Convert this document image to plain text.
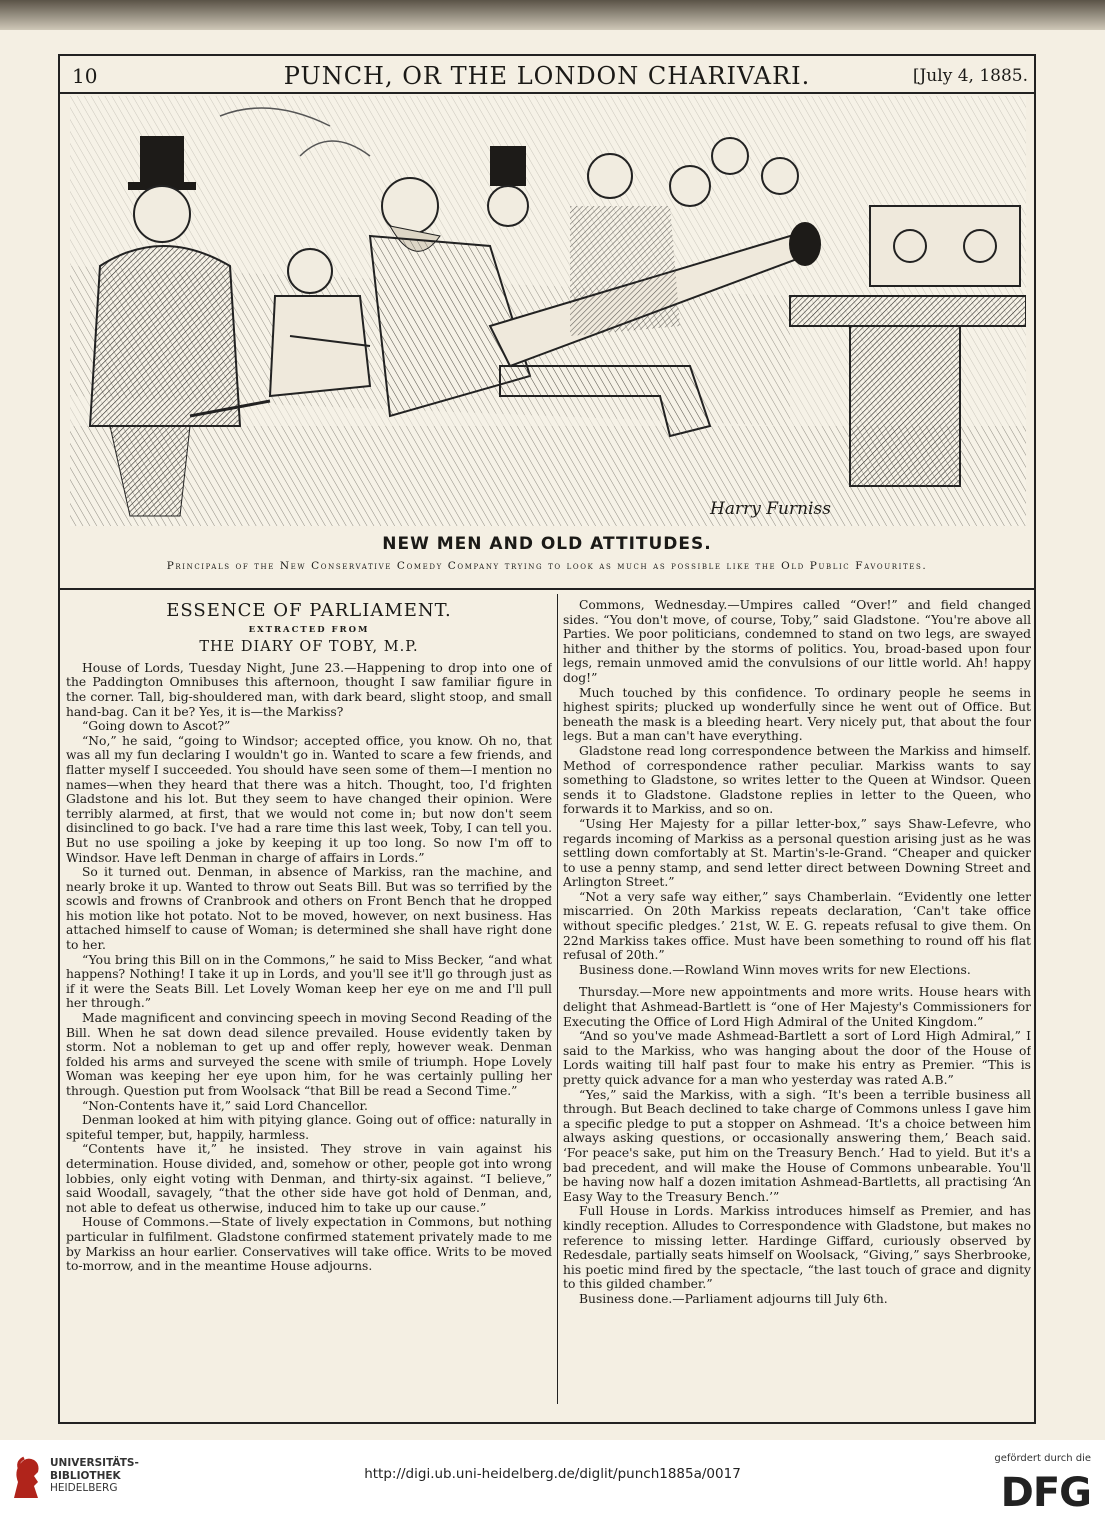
10	PUNCH, OR THE LONDON CHARIVARI.	[July 4, 1885.
Harry Furniss
NEW MEN AND OLD ATTITUDES.
Principals of the New Conservative Comedy Company trying to look as much as possible like the Old Public Favourites.
ESSENCE OF PARLIAMENT.
EXTRACTED FROM
THE DIARY OF TOBY, M.P.

House of Lords, Tuesday Night, June 23.—Happening to drop into one of the Paddington Omnibuses this afternoon, thought I saw familiar figure in the corner. Tall, big-shouldered man, with dark beard, slight stoop, and small hand-bag. Can it be? Yes, it is—the Markiss?

“Going down to Ascot?”

“No,” he said, “going to Windsor; accepted office, you know. Oh no, that was all my fun declaring I wouldn't go in. Wanted to scare a few friends, and flatter myself I succeeded. You should have seen some of them—I mention no names—when they heard that there was a hitch. Thought, too, I'd frighten Gladstone and his lot. But they seem to have changed their opinion. Were terribly alarmed, at first, that we would not come in; but now don't seem disinclined to go back. I've had a rare time this last week, Toby, I can tell you. But no use spoiling a joke by keeping it up too long. So now I'm off to Windsor. Have left Denman in charge of affairs in Lords.”

So it turned out. Denman, in absence of Markiss, ran the machine, and nearly broke it up. Wanted to throw out Seats Bill. But was so terrified by the scowls and frowns of Cranbrook and others on Front Bench that he dropped his motion like hot potato. Not to be moved, however, on next business. Has attached himself to cause of Woman; is determined she shall have right done to her.

“You bring this Bill on in the Commons,” he said to Miss Becker, “and what happens? Nothing! I take it up in Lords, and you'll see it'll go through just as if it were the Seats Bill. Let Lovely Woman keep her eye on me and I'll pull her through.”

Made magnificent and convincing speech in moving Second Reading of the Bill. When he sat down dead silence prevailed. House evidently taken by storm. Not a nobleman to get up and offer reply, however weak. Denman folded his arms and surveyed the scene with smile of triumph. Hope Lovely Woman was keeping her eye upon him, for he was certainly pulling her through. Question put from Woolsack “that Bill be read a Second Time.”

“Non-Contents have it,” said Lord Chancellor.

Denman looked at him with pitying glance. Going out of office: naturally in spiteful temper, but, happily, harmless.

“Contents have it,” he insisted. They strove in vain against his determination. House divided, and, somehow or other, people got into wrong lobbies, only eight voting with Denman, and thirty-six against. “I believe,” said Woodall, savagely, “that the other side have got hold of Denman, and, not able to defeat us otherwise, induced him to take up our cause.”

House of Commons.—State of lively expectation in Commons, but nothing particular in fulfilment. Gladstone confirmed statement privately made to me by Markiss an hour earlier. Conservatives will take office. Writs to be moved to-morrow, and in the meantime House adjourns.

Commons, Wednesday.—Umpires called “Over!” and field changed sides. “You don't move, of course, Toby,” said Gladstone. “You're above all Parties. We poor politicians, condemned to stand on two legs, are swayed hither and thither by the storms of politics. You, broad-based upon four legs, remain unmoved amid the convulsions of our little world. Ah! happy dog!”

Much touched by this confidence. To ordinary people he seems in highest spirits; plucked up wonderfully since he went out of Office. But beneath the mask is a bleeding heart. Very nicely put, that about the four legs. But a man can't have everything.

Gladstone read long correspondence between the Markiss and himself. Method of correspondence rather peculiar. Markiss wants to say something to Gladstone, so writes letter to the Queen at Windsor. Queen sends it to Gladstone. Gladstone replies in letter to the Queen, who forwards it to Markiss, and so on.

“Using Her Majesty for a pillar letter-box,” says Shaw-Lefevre, who regards incoming of Markiss as a personal question arising just as he was settling down comfortably at St. Martin's-le-Grand. “Cheaper and quicker to use a penny stamp, and send letter direct between Downing Street and Arlington Street.”

“Not a very safe way either,” says Chamberlain. “Evidently one letter miscarried. On 20th Markiss repeats declaration, ‘Can't take office without specific pledges.’ 21st, W. E. G. repeats refusal to give them. On 22nd Markiss takes office. Must have been something to round off his flat refusal of 20th.”

Business done.—Rowland Winn moves writs for new Elections.

Thursday.—More new appointments and more writs. House hears with delight that Ashmead-Bartlett is “one of Her Majesty's Commissioners for Executing the Office of Lord High Admiral of the United Kingdom.”

“And so you've made Ashmead-Bartlett a sort of Lord High Admiral,” I said to the Markiss, who was hanging about the door of the House of Lords waiting till half past four to make his entry as Premier. “This is pretty quick advance for a man who yesterday was rated A.B.”

“Yes,” said the Markiss, with a sigh. “It's been a terrible business all through. But Beach declined to take charge of Commons unless I gave him a specific pledge to put a stopper on Ashmead. ‘It's a choice between him always asking questions, or occasionally answering them,’ Beach said. ‘For peace's sake, put him on the Treasury Bench.’ Had to yield. But it's a bad precedent, and will make the House of Commons unbearable. You'll be having now half a dozen imitation Ashmead-Bartletts, all practising ‘An Easy Way to the Treasury Bench.’”

Full House in Lords. Markiss introduces himself as Premier, and has kindly reception. Alludes to Correspondence with Gladstone, but makes no reference to missing letter. Hardinge Giffard, curiously observed by Redesdale, partially seats himself on Woolsack, “Giving,” says Sherbrooke, his poetic mind fired by the spectacle, “the last touch of grace and dignity to this gilded chamber.”

Business done.—Parliament adjourns till July 6th.

UNIVERSITÄTS-
BIBLIOTHEK
HEIDELBERG
http://digi.ub.uni-heidelberg.de/diglit/punch1885a/0017
gefördert durch die
DFG
